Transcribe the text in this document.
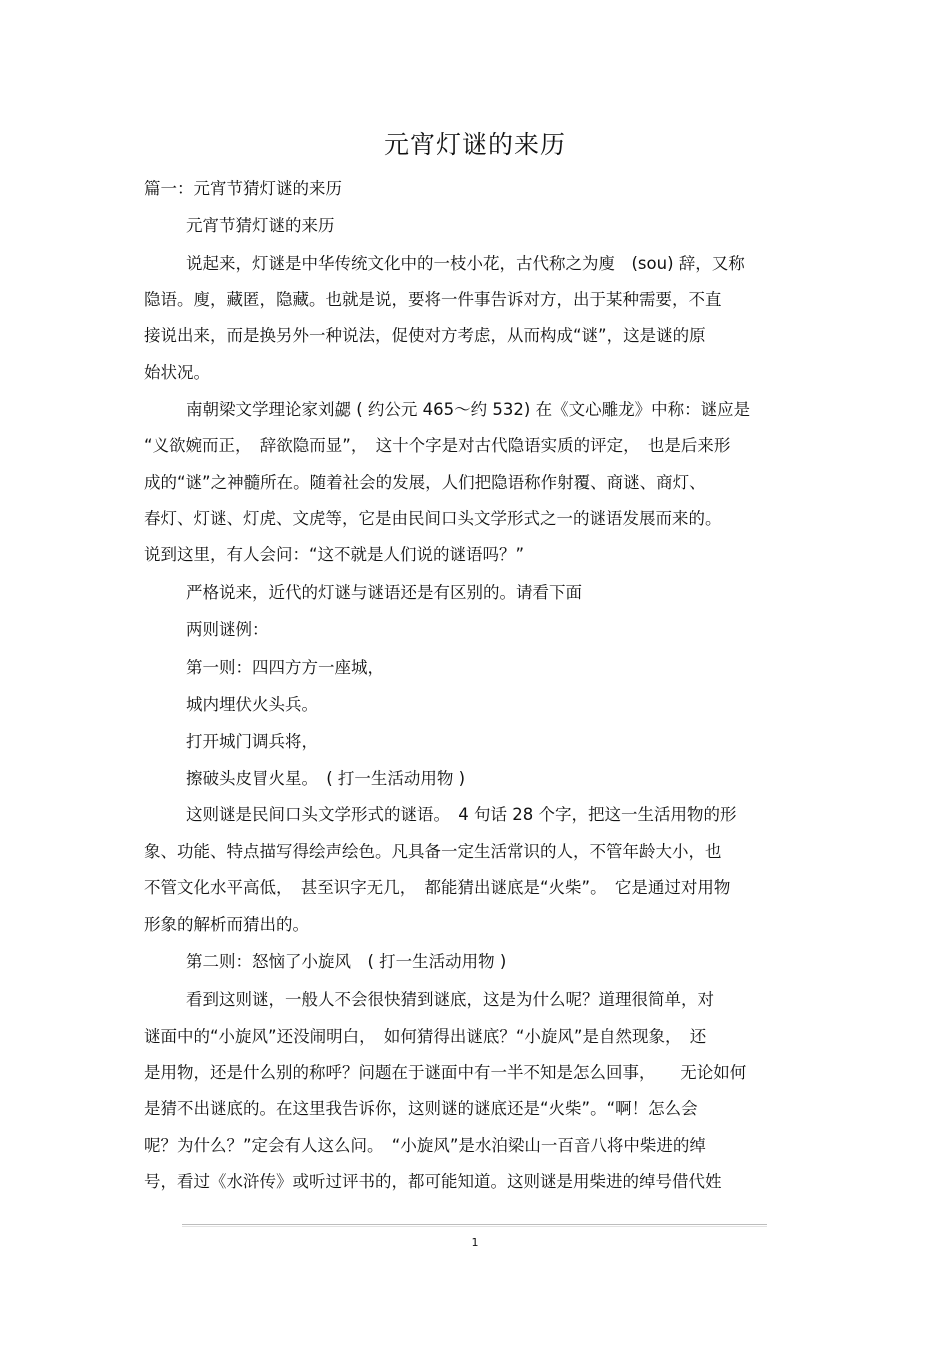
元宵灯谜的来历
篇一：元宵节猜灯谜的来历
元宵节猜灯谜的来历
说起来，灯谜是中华传统文化中的一枝小花，古代称之为廋　(sou) 辞，又称
隐语。廋，藏匿，隐藏。也就是说，要将一件事告诉对方，出于某种需要，不直
接说出来，而是换另外一种说法，促使对方考虑，从而构成“谜”，这是谜的原
始状况。
南朝梁文学理论家刘勰 ( 约公元 465～约 532) 在《文心雕龙》中称：谜应是
“义欲婉而正，　辞欲隐而显”，　这十个字是对古代隐语实质的评定，　也是后来形
成的“谜”之神髓所在。随着社会的发展，人们把隐语称作射覆、商谜、商灯、
春灯、灯谜、灯虎、文虎等，它是由民间口头文学形式之一的谜语发展而来的。
说到这里，有人会问：“这不就是人们说的谜语吗？”
严格说来，近代的灯谜与谜语还是有区别的。请看下面
两则谜例：
第一则：四四方方一座城，
城内埋伏火头兵。
打开城门调兵将，
擦破头皮冒火星。　( 打一生活动用物 )
这则谜是民间口头文学形式的谜语。　4 句话 28 个字，把这一生活用物的形
象、功能、特点描写得绘声绘色。凡具备一定生活常识的人，不管年龄大小，也
不管文化水平高低，　甚至识字无几，　都能猜出谜底是“火柴”。　它是通过对用物
形象的解析而猜出的。
第二则：怒恼了小旋风　( 打一生活动用物 )
看到这则谜，一般人不会很快猜到谜底，这是为什么呢？道理很简单，对
谜面中的“小旋风”还没闹明白，　如何猜得出谜底？“小旋风”是自然现象，　还
是用物，还是什么别的称呼？问题在于谜面中有一半不知是怎么回事，　　无论如何
是猜不出谜底的。在这里我告诉你，这则谜的谜底还是“火柴”。“啊！怎么会
呢？为什么？”定会有人这么问。　“小旋风”是水泊梁山一百音八将中柴进的绰
号，看过《水浒传》或听过评书的，都可能知道。这则谜是用柴进的绰号借代姓
1
